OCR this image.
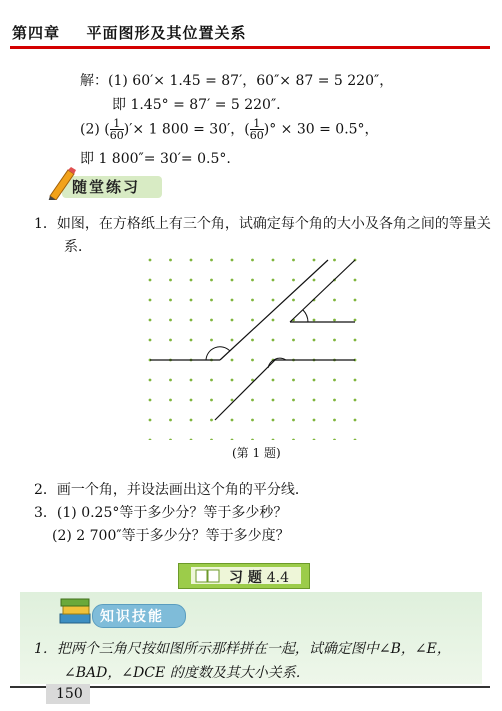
第四章 平面图形及其位置关系
解：(1) 60′× 1.45 = 87′，60″× 87 = 5 220″，
即 1.45° = 87′ = 5 220″.
(2) ( $\frac{1}{60}$ )′× 1 800 = 30′，( $\frac{1}{60}$ )° × 30 = 0.5°，
即 1 800″= 30′= 0.5°.
随堂练习
1．如图，在方格纸上有三个角，试确定每个角的大小及各角之间的等量关
系．
(第 1 题)
2．画一个角，并设法画出这个角的平分线．
3．(1) 0.25°等于多少分？等于多少秒？
(2) 2 700″等于多少分？等于多少度？
习 题 4.4
知识技能
1．把两个三角尺按如图所示那样拼在一起，试确定图中∠B，∠E，
∠BAD，∠DCE 的度数及其大小关系．
150
